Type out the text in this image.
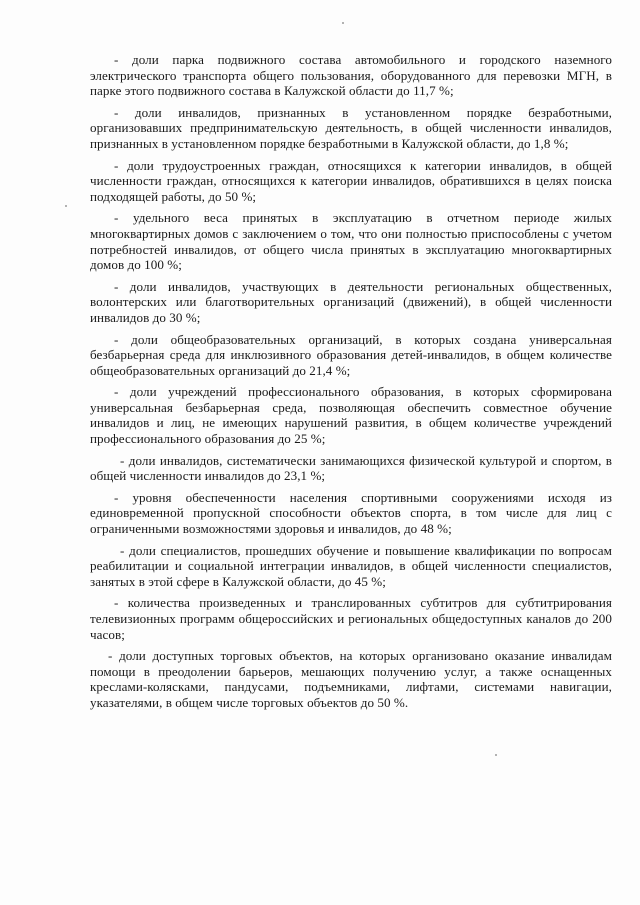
- доли парка подвижного состава автомобильного и городского наземного электрического транспорта общего пользования, оборудованного для перевозки МГН, в парке этого подвижного состава в Калужской области до 11,7 %;

- доли инвалидов, признанных в установленном порядке безработными, организовавших предпринимательскую деятельность, в общей численности инвалидов, признанных в установленном порядке безработными в Калужской области, до 1,8 %;

- доли трудоустроенных граждан, относящихся к категории инвалидов, в общей численности граждан, относящихся к категории инвалидов, обратившихся в целях поиска подходящей работы, до 50 %;

- удельного веса принятых в эксплуатацию в отчетном периоде жилых многоквартирных домов с заключением о том, что они полностью приспособлены с учетом потребностей инвалидов, от общего числа принятых в эксплуатацию многоквартирных домов до 100 %;

- доли инвалидов, участвующих в деятельности региональных общественных, волонтерских или благотворительных организаций (движений), в общей численности инвалидов до 30 %;

- доли общеобразовательных организаций, в которых создана универсальная безбарьерная среда для инклюзивного образования детей-инвалидов, в общем количестве общеобразовательных организаций до 21,4 %;

- доли учреждений профессионального образования, в которых сформирована универсальная безбарьерная среда, позволяющая обеспечить совместное обучение инвалидов и лиц, не имеющих нарушений развития, в общем количестве учреждений профессионального образования до 25 %;

- доли инвалидов, систематически занимающихся физической культурой и спортом, в общей численности инвалидов до 23,1 %;

- уровня обеспеченности населения спортивными сооружениями исходя из единовременной пропускной способности объектов спорта, в том числе для лиц с ограниченными возможностями здоровья и инвалидов, до 48 %;

- доли специалистов, прошедших обучение и повышение квалификации по вопросам реабилитации и социальной интеграции инвалидов, в общей численности специалистов, занятых в этой сфере в Калужской области, до 45 %;

- количества произведенных и транслированных субтитров для субтитрирования телевизионных программ общероссийских и региональных общедоступных каналов до 200 часов;

- доли доступных торговых объектов, на которых организовано оказание инвалидам помощи в преодолении барьеров, мешающих получению услуг, а также оснащенных креслами-колясками, пандусами, подъемниками, лифтами, системами навигации, указателями, в общем числе торговых объектов до 50 %.
